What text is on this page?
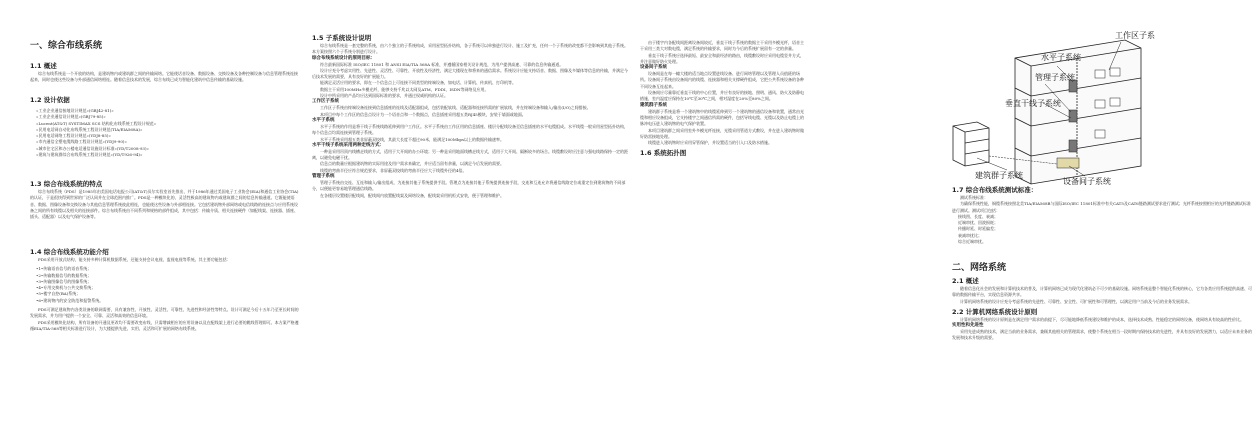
一、综合布线系统

1.1 概述

综合布线系统是一个开放的结构，是建筑物内或建筑群之间的传输网络。它能使话音设备、数据设备、交换设备及各种控制设备与信息管理系统连接起来，同时也使这些设备与外部通信网络相连。随着信息技术的发展，综合布线已成为智能化建筑中信息传输的基础设施。

1.2 设计依据

«工业企业通信接地设计规范»(GBJ42-81)»

«工业企业通信设计规范»(GBJ79-85)»

«Lucent(AT&T) SYSTIMAX SCS 结构化布线系统工程设计规范»

«民用电话网自动化布线系统工程设计规范(TIA/EIA568A)»

«民用电话网络工程设计规范»(YDJ8-85)»

«市内通信全塑电缆线路工程设计规范»(YDJ9-90)»

«城市住宅区和办公楼电话通信设施设计标准»(YD/T2008-93)»

«建筑与建筑群综合布线系统工程设计规范»(YD/T926-94)»

1.3 综合布线系统的特点

综合布线系统（PDS）是1985年由美国电话电报公司(AT&T)贝尔实验室首先推出，并于1986年通过美国电子工业协会(EIA)和通信工业协会(TIA)的认证，于是很快得到世界的广泛认同并在全球范围内推广。PDS是一种模块化的、灵活性极高的建筑物内或建筑群之间的信息传输通道。它既能使语音、数据、图像设备和交换设备与其他信息管理系统彼此相连，也能使这些设备与外部相连接。它包括建筑物外部网络或电信线路的连接点与应用系统设备之间的所有线缆以及相关的连接部件。综合布线系统由不同系列和规格的部件组成，其中包括：传输介质、相关连接硬件（如配线架、连接器、插座、插头、适配器）以及电气保护设备等。

1.4 综合布线系统功能介绍

PDS采用开放式结构，能支持多种计算机数据系统，还能支持会议电视、监视电视等系统。其主要功能包括：

•1•传输语音信号的语音系统；

•2•传输数据信号的数据系统；

•3•传输图像信号的图像系统；

•4•专用交换机与公共交换系统；

•5•楼宇自控(BA)系统；

•6•建筑物内的安全防范和报警系统。

PDS可满足建筑物内各类设备的联网需要，具有兼容性、开放性、灵活性、可靠性、先进性和经济性等特点。设计可满足今后十五年乃至更长时间的发展需求，并为用户提供一个安全、可靠、灵活和高效的信息环境。

PDS采用模块化结构，所有设备的开通及更改均不需要改变布线，只需增减相应的应用设备以及在配线架上进行必要的跳线管理即可。本方案严格遵循EIA/TIA-568等相关标准进行设计，为大楼提供先进、实用、灵活和可扩展的网络布线系统。

1.5 子系统设计说明

综合布线系统是一套完整的系统，由六个独立的子系统构成，采用星型拓扑结构，各子系统可以单独进行设计、施工及扩充，任何一个子系统的改变都不会影响到其他子系统。本方案按照六个子系统分别进行设计。

综合布线系统设计的原则目标：

符合最新国际标准 ISO/IEC 11801 和 ANSI EIA/TIA 568A 标准，并遵循国家相关设计规范，为用户提供高速、可靠的信息传输通道。

设计应充分考虑实用性、先进性、灵活性、可靠性、开放性及经济性，满足大楼现在和将来的通信需求。系统设计应能支持语音、数据、图像及多媒体等信息的传输，并满足今后技术发展的需要，具有良好的扩展能力。

能满足灵活应用的要求，即在一个信息点上可连接不同类型的终端设备，如电话、计算机、传真机、打印机等。

数据主干采用100MHz多模光纤，能够支持千兆以太网及ATM、FDDI、ISDN等网络及应用。

设计中所采用的产品均应达到国际标准的要求，并通过权威机构的认证。

工作区子系统

工作区子系统由终端设备连接到信息插座的连线及适配器组成，包括装配软线、适配器和连接所需的扩展软线，并在终端设备和输入/输出(I/O)之间搭接。

本项目中每个工作区的信息点设计为一个语音点和一个数据点，信息插座采用超五类RJ45模块，安装于墙面或地面。

水平子系统

水平子系统的作用是将干线子系统线路延伸到用户工作区。水平子系统由工作区用的信息插座、楼层分配线设备至信息插座的水平电缆组成。水平线缆一般采用星型拓扑结构，每个信息点均需连接到管理子系统。

水平子系统采用超五类非屏蔽双绞线，其最大长度不超过90米，能满足100Mbps以上的数据传输速率。

水平干线子系统采用两种走线方式：

一种是采用吊顶内线槽走线的方式，适用于大开间的办公环境；另一种是采用地面线槽走线方式，适用于大开间、隔断较多的场合。线缆敷设时应注意与强电线路保持一定的距离，以避免电磁干扰。

信息点的数量应根据建筑物的实际用途及用户需求来确定，并应适当留有余量，以满足今后发展的需要。

线缆的弯曲半径应符合规范要求，非屏蔽双绞线的弯曲半径应大于线缆外径的4倍。

管理子系统

管理子系统由交连、互连和输入/输出组成，为连接其他子系统提供手段。管理点为连接其他子系统提供连接手段，交连和互连允许将通信线路定位或重定位到建筑物的不同部分，以便能更容易地管理通信线路。

在各楼层设置楼层配线间，配线间内放置配线架及网络设备，配线架采用机柜式安装，便于管理和维护。

由于楼宇内各配线间距离设备间较近，垂直干线子系统的数据主干采用多模光纤，语音主干采用三类大对数电缆，满足系统的传输要求，同时为今后的系统扩展留有一定的余量。

垂直干线子系统应选择最短、最安全和最经济的路由，线缆敷设时应采用电缆竖井方式，并注意做好防火处理。

设备间子系统

设备间是在每一幢大楼的适当地点设置进线设备、进行网络管理以及管理人员值班的场所。设备间子系统由设备间内的线缆、连接器和相关支撑硬件组成，它把公共系统设备的各种不同设备互连起来。

设备间应尽量靠近垂直干线的中心位置，并应有良好的接地、照明、通风、防火及防静电措施，室内温度应保持在10℃至30℃之间，相对湿度在20%至80%之间。

建筑群子系统

建筑群子系统是将一个建筑物中的线缆延伸到另一个建筑物的通信设备和装置，通常由光缆和相应设备组成，它支持楼宇之间通信所需的硬件，包括导线电缆、光缆以及防止电缆上的脉冲电压进入建筑物的电气保护装置。

本项目建筑群之间采用室外多模光纤连接，光缆采用管道方式敷设，并在进入建筑物时做好防雷接地处理。

线缆进入建筑物时应采用穿管保护，并设置适当的引入口及防水措施。

1.6 系统拓扑图

水平子系统
工作区子系
管理子系统
垂直干线子系统
建筑群子系统
设备间子系统

1.7 综合布线系统测试标准：

测试系统标准：

为确保系统性能，铜缆系统按照北美TIA/EIA568B与国际ISO/IEC 11801标准中有关CAT5及CAT6链路测试要求进行测试；光纤系统按照相应的光纤链路测试标准进行测试。测试项目包括：

接线图、长度、衰减；

近端串扰、回波损耗；

传播时延、时延偏差；

衰减串扰比；

综合近端串扰。

二、网络系统

2.1 概述

随着信息化社会的发展和计算机技术的普及，计算机网络已成为现代化建筑必不可少的基础设施。网络系统是整个智能化系统的核心，它为各类应用系统提供高速、可靠的数据传输平台，实现信息资源共享。

计算机网络系统的设计应充分考虑系统的先进性、可靠性、安全性、可扩展性和可管理性，以满足用户当前及今后的业务发展需求。

2.2 计算机网络系统设计原则

计算机网络系统的设计原则是在满足用户需求的前提下，尽可能地降低系统建设和维护的成本，选择技术成熟、性能稳定的网络设备，使网络具有较高的性价比。

实用性和先进性

采用先进成熟的技术，满足当前的业务需求，兼顾其他相关的管理需求，使整个系统在相当一段时期内保持技术的先进性，并具有良好的发展潜力，以适应未来业务的发展和技术升级的需要。
